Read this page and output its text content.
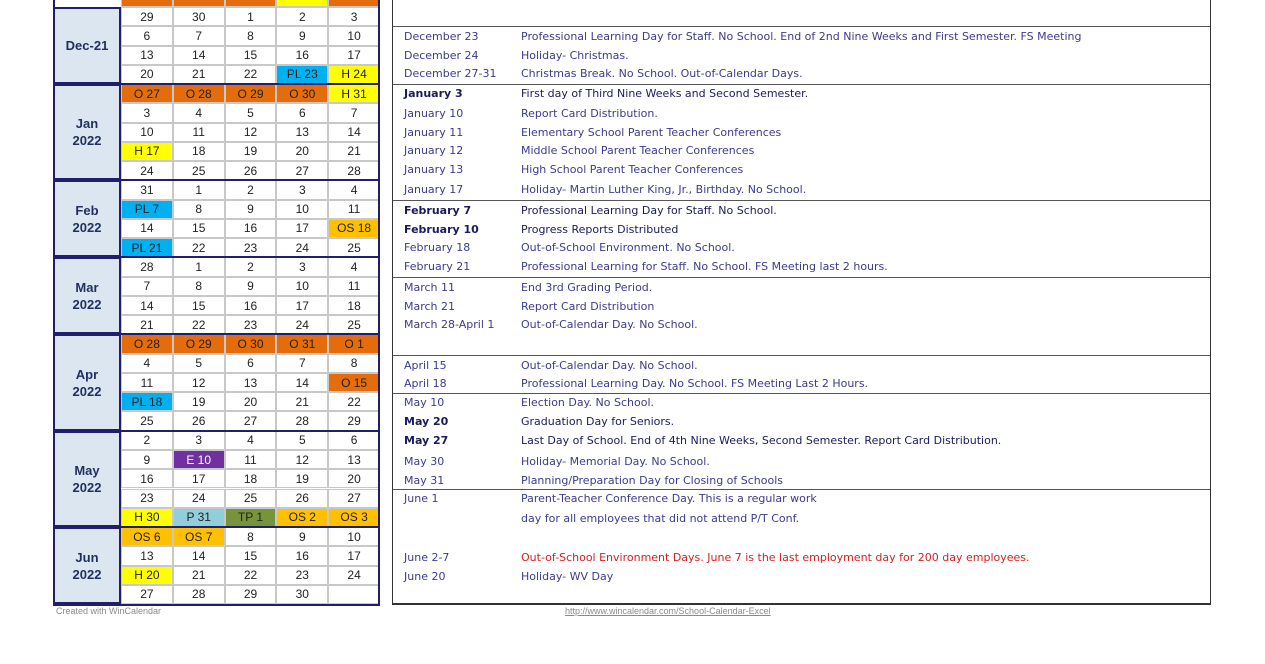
29	30	1	2	3
6	7	8	9	10
13	14	15	16	17
20	21	22	PL 23	H 24
O 27	O 28	O 29	O 30	H 31
3	4	5	6	7
10	11	12	13	14
H 17	18	19	20	21
24	25	26	27	28
31	1	2	3	4
PL 7	8	9	10	11
14	15	16	17	OS 18
PL 21	22	23	24	25
28	1	2	3	4
7	8	9	10	11
14	15	16	17	18
21	22	23	24	25
O 28	O 29	O 30	O 31	O 1
4	5	6	7	8
11	12	13	14	O 15
PL 18	19	20	21	22
25	26	27	28	29
2	3	4	5	6
9	E 10	11	12	13
16	17	18	19	20
23	24	25	26	27
H 30	P 31	TP 1	OS 2	OS 3
OS 6	OS 7	8	9	10
13	14	15	16	17
H 20	21	22	23	24
27	28	29	30
Dec-21
Jan
2022
Feb
2022
Mar
2022
Apr
2022
May
2022
Jun
2022
December 23	Professional Learning Day for Staff. No School. End of 2nd Nine Weeks and First Semester. FS Meeting
December 24	Holiday- Christmas.
December 27-31 Christmas Break. No School. Out-of-Calendar Days.
January 3	First day of Third Nine Weeks and Second Semester.
January 10	Report Card Distribution.
January 11	Elementary School Parent Teacher Conferences
January 12	Middle School Parent Teacher Conferences
January 13	High School Parent Teacher Conferences
January 17	Holiday- Martin Luther King, Jr., Birthday. No School.
February 7	Professional Learning Day for Staff. No School.
February 10	Progress Reports Distributed
February 18	Out-of-School Environment. No School.
February 21	Professional Learning for Staff. No School. FS Meeting last 2 hours.
March 11	End 3rd Grading Period.
March 21	Report Card Distribution
March 28-April 1 Out-of-Calendar Day. No School.
April 15	Out-of-Calendar Day. No School.
April 18	Professional Learning Day. No School. FS Meeting Last 2 Hours.
May 10	Election Day. No School.
May 20	Graduation Day for Seniors.
May 27	Last Day of School. End of 4th Nine Weeks, Second Semester. Report Card Distribution.
May 30	Holiday- Memorial Day. No School.
May 31	Planning/Preparation Day for Closing of Schools
June 1	Parent-Teacher Conference Day. This is a regular work
day for all employees that did not attend P/T Conf.
June 2-7	Out-of-School Environment Days. June 7 is the last employment day for 200 day employees.
June 20	Holiday- WV Day
Created with WinCalendar	http://www.wincalendar.com/School-Calendar-Excel
